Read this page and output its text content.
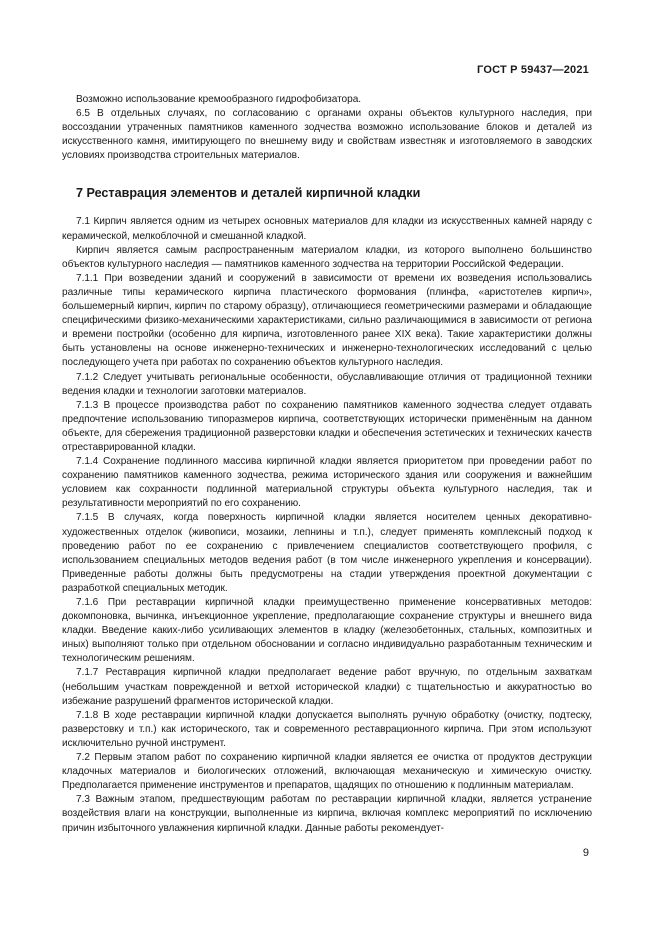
ГОСТ Р 59437—2021

Возможно использование кремообразного гидрофобизатора.

6.5 В отдельных случаях, по согласованию с органами охраны объектов культурного наследия, при воссоздании утраченных памятников каменного зодчества возможно использование блоков и деталей из искусственного камня, имитирующего по внешнему виду и свойствам известняк и изготовляемого в заводских условиях производства строительных материалов.

7 Реставрация элементов и деталей кирпичной кладки

7.1 Кирпич является одним из четырех основных материалов для кладки из искусственных камней наряду с керамической, мелкоблочной и смешанной кладкой.

Кирпич является самым распространенным материалом кладки, из которого выполнено большинство объектов культурного наследия — памятников каменного зодчества на территории Российской Федерации.

7.1.1 При возведении зданий и сооружений в зависимости от времени их возведения использовались различные типы керамического кирпича пластического формования (плинфа, «аристотелев кирпич», большемерный кирпич, кирпич по старому образцу), отличающиеся геометрическими размерами и обладающие специфическими физико-механическими характеристиками, сильно различающимися в зависимости от региона и времени постройки (особенно для кирпича, изготовленного ранее XIX века). Такие характеристики должны быть установлены на основе инженерно-технических и инженерно-технологических исследований с целью последующего учета при работах по сохранению объектов культурного наследия.

7.1.2 Следует учитывать региональные особенности, обуславливающие отличия от традиционной техники ведения кладки и технологии заготовки материалов.

7.1.3 В процессе производства работ по сохранению памятников каменного зодчества следует отдавать предпочтение использованию типоразмеров кирпича, соответствующих исторически применённым на данном объекте, для сбережения традиционной разверстовки кладки и обеспечения эстетических и технических качеств отреставрированной кладки.

7.1.4 Сохранение подлинного массива кирпичной кладки является приоритетом при проведении работ по сохранению памятников каменного зодчества, режима исторического здания или сооружения и важнейшим условием как сохранности подлинной материальной структуры объекта культурного наследия, так и результативности мероприятий по его сохранению.

7.1.5 В случаях, когда поверхность кирпичной кладки является носителем ценных декоративно-художественных отделок (живописи, мозаики, лепнины и т.п.), следует применять комплексный подход к проведению работ по ее сохранению с привлечением специалистов соответствующего профиля, с использованием специальных методов ведения работ (в том числе инженерного укрепления и консервации). Приведенные работы должны быть предусмотрены на стадии утверждения проектной документации с разработкой специальных методик.

7.1.6 При реставрации кирпичной кладки преимущественно применение консервативных методов: докомпоновка, вычинка, инъекционное укрепление, предполагающие сохранение структуры и внешнего вида кладки. Введение каких-либо усиливающих элементов в кладку (железобетонных, стальных, композитных и иных) выполняют только при отдельном обосновании и согласно индивидуально разработанным техническим и технологическим решениям.

7.1.7 Реставрация кирпичной кладки предполагает ведение работ вручную, по отдельным захваткам (небольшим участкам поврежденной и ветхой исторической кладки) с тщательностью и аккуратностью во избежание разрушений фрагментов исторической кладки.

7.1.8 В ходе реставрации кирпичной кладки допускается выполнять ручную обработку (очистку, подтеску, разверстовку и т.п.) как исторического, так и современного реставрационного кирпича. При этом используют исключительно ручной инструмент.

7.2 Первым этапом работ по сохранению кирпичной кладки является ее очистка от продуктов деструкции кладочных материалов и биологических отложений, включающая механическую и химическую очистку. Предполагается применение инструментов и препаратов, щадящих по отношению к подлинным материалам.

7.3 Важным этапом, предшествующим работам по реставрации кирпичной кладки, является устранение воздействия влаги на конструкции, выполненные из кирпича, включая комплекс мероприятий по исключению причин избыточного увлажнения кирпичной кладки. Данные работы рекомендует-

9
